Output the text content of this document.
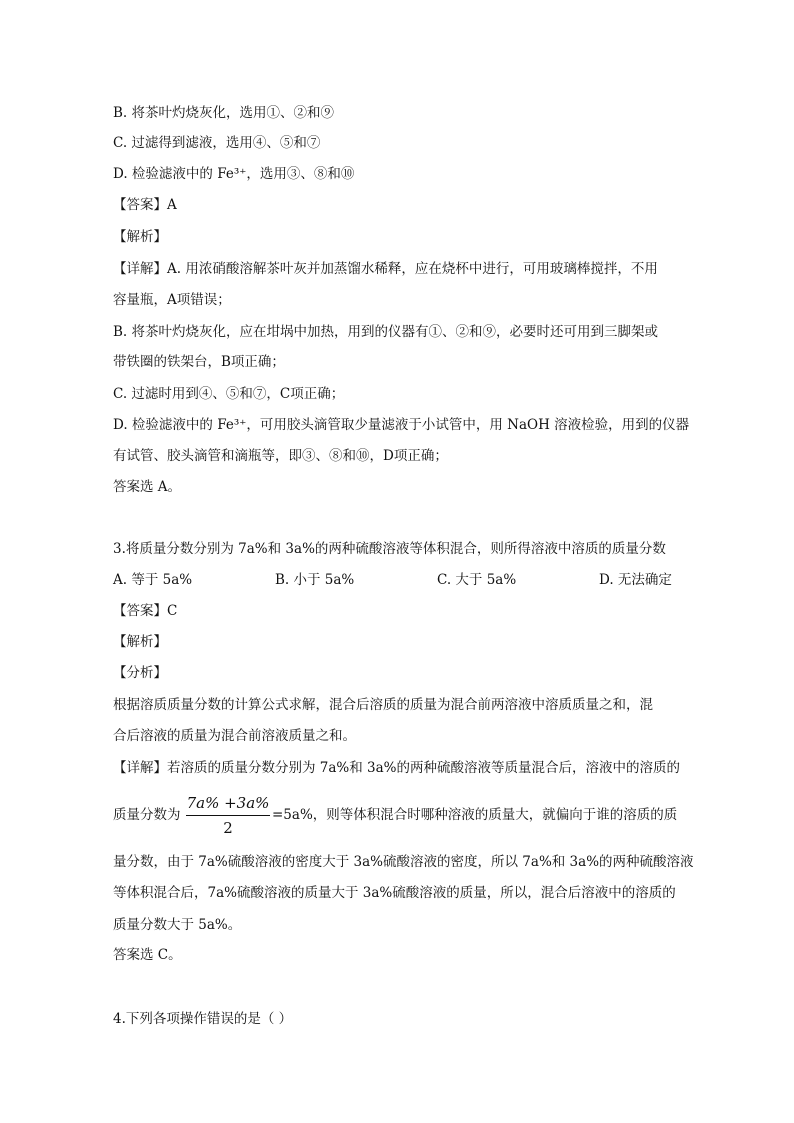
B. 将茶叶灼烧灰化，选用①、②和⑨
C. 过滤得到滤液，选用④、⑤和⑦
D. 检验滤液中的 Fe³⁺，选用③、⑧和⑩
【答案】A
【解析】
【详解】A. 用浓硝酸溶解茶叶灰并加蒸馏水稀释，应在烧杯中进行，可用玻璃棒搅拌，不用
容量瓶，A项错误；
B. 将茶叶灼烧灰化，应在坩埚中加热，用到的仪器有①、②和⑨，必要时还可用到三脚架或
带铁圈的铁架台，B项正确；
C. 过滤时用到④、⑤和⑦，C项正确；
D. 检验滤液中的 Fe³⁺，可用胶头滴管取少量滤液于小试管中，用 NaOH 溶液检验，用到的仪器
有试管、胶头滴管和滴瓶等，即③、⑧和⑩，D项正确；
答案选 A。
3.将质量分数分别为 7a%和 3a%的两种硫酸溶液等体积混合，则所得溶液中溶质的质量分数
A. 等于 5a%	B. 小于 5a%	C. 大于 5a%	D. 无法确定
【答案】C
【解析】
【分析】
根据溶质质量分数的计算公式求解，混合后溶质的质量为混合前两溶液中溶质质量之和，混
合后溶液的质量为混合前溶液质量之和。
【详解】若溶质的质量分数分别为 7a%和 3a%的两种硫酸溶液等质量混合后，溶液中的溶质的
质量分数为
7a% +3a%
2
=5a%，则等体积混合时哪种溶液的质量大，就偏向于谁的溶质的质
量分数，由于 7a%硫酸溶液的密度大于 3a%硫酸溶液的密度，所以 7a%和 3a%的两种硫酸溶液
等体积混合后，7a%硫酸溶液的质量大于 3a%硫酸溶液的质量，所以，混合后溶液中的溶质的
质量分数大于 5a%。
答案选 C。
4.下列各项操作错误的是（ ）
